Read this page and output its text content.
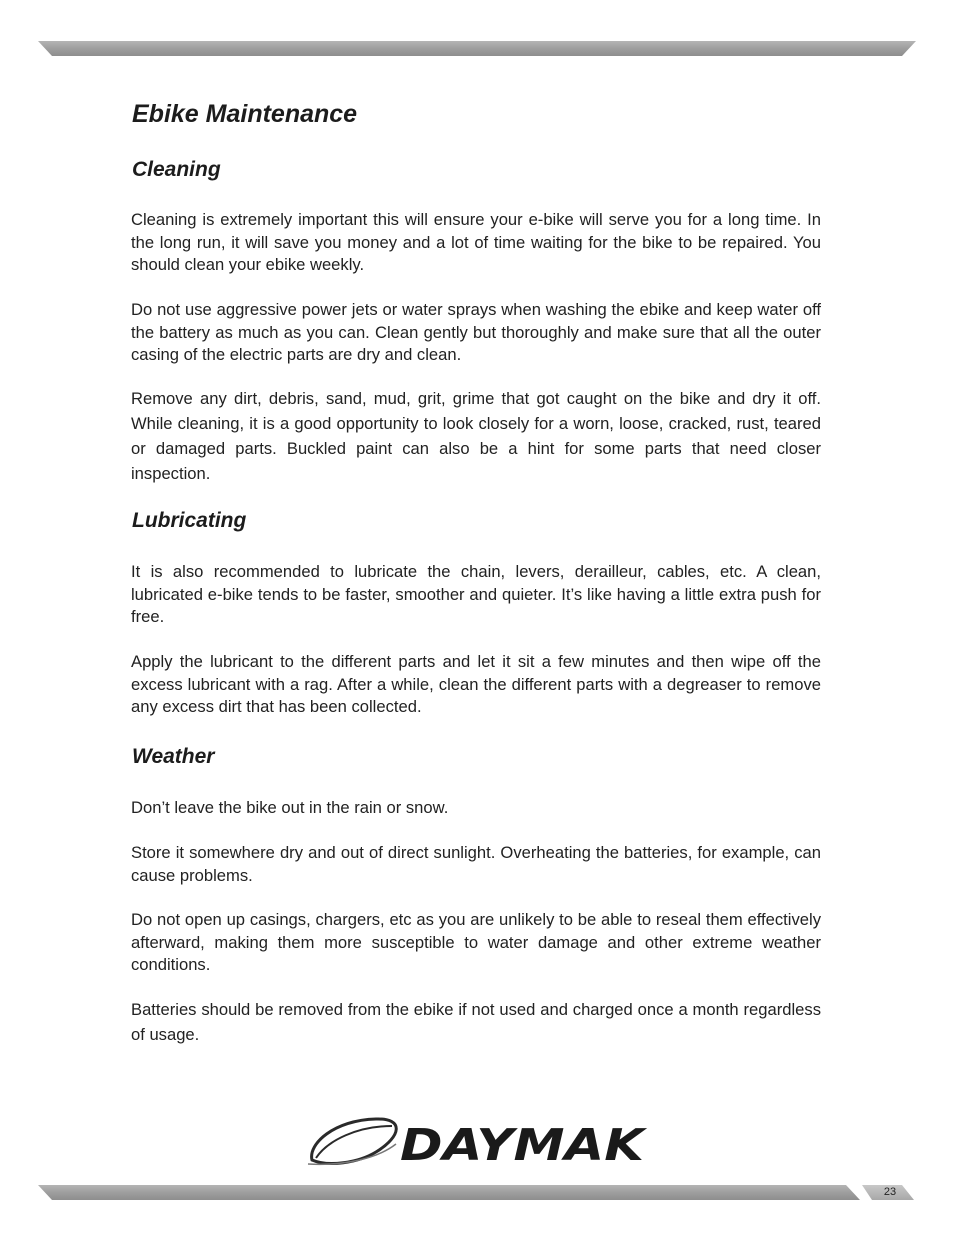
Ebike Maintenance
Cleaning

Cleaning is extremely important this will ensure your e-bike will serve you for a long time. In the long run, it will save you money and a lot of time waiting for the bike to be repaired. You should clean your ebike weekly.

Do not use aggressive power jets or water sprays when washing the ebike and keep water off the battery as much as you can. Clean gently but thoroughly and make sure that all the outer casing of the electric parts are dry and clean.

Remove any dirt, debris, sand, mud, grit, grime that got caught on the bike and dry it off. While cleaning, it is a good opportunity to look closely for a worn, loose, cracked, rust, teared or damaged parts. Buckled paint can also be a hint for some parts that need closer inspection.

Lubricating

It is also recommended to lubricate the chain, levers, derailleur, cables, etc. A clean, lubricated e-bike tends to be faster, smoother and quieter. It’s like having a little extra push for free.

Apply the lubricant to the different parts and let it sit a few minutes and then wipe off the excess lubricant with a rag. After a while, clean the different parts with a degreaser to remove any excess dirt that has been collected.

Weather

Don’t leave the bike out in the rain or snow.

Store it somewhere dry and out of direct sunlight. Overheating the batteries, for example, can cause problems.

Do not open up casings, chargers, etc as you are unlikely to be able to reseal them effectively afterward, making them more susceptible to water damage and other extreme weather conditions.

Batteries should be removed from the ebike if not used and charged once a month regardless of usage.

DAYMAK
23
